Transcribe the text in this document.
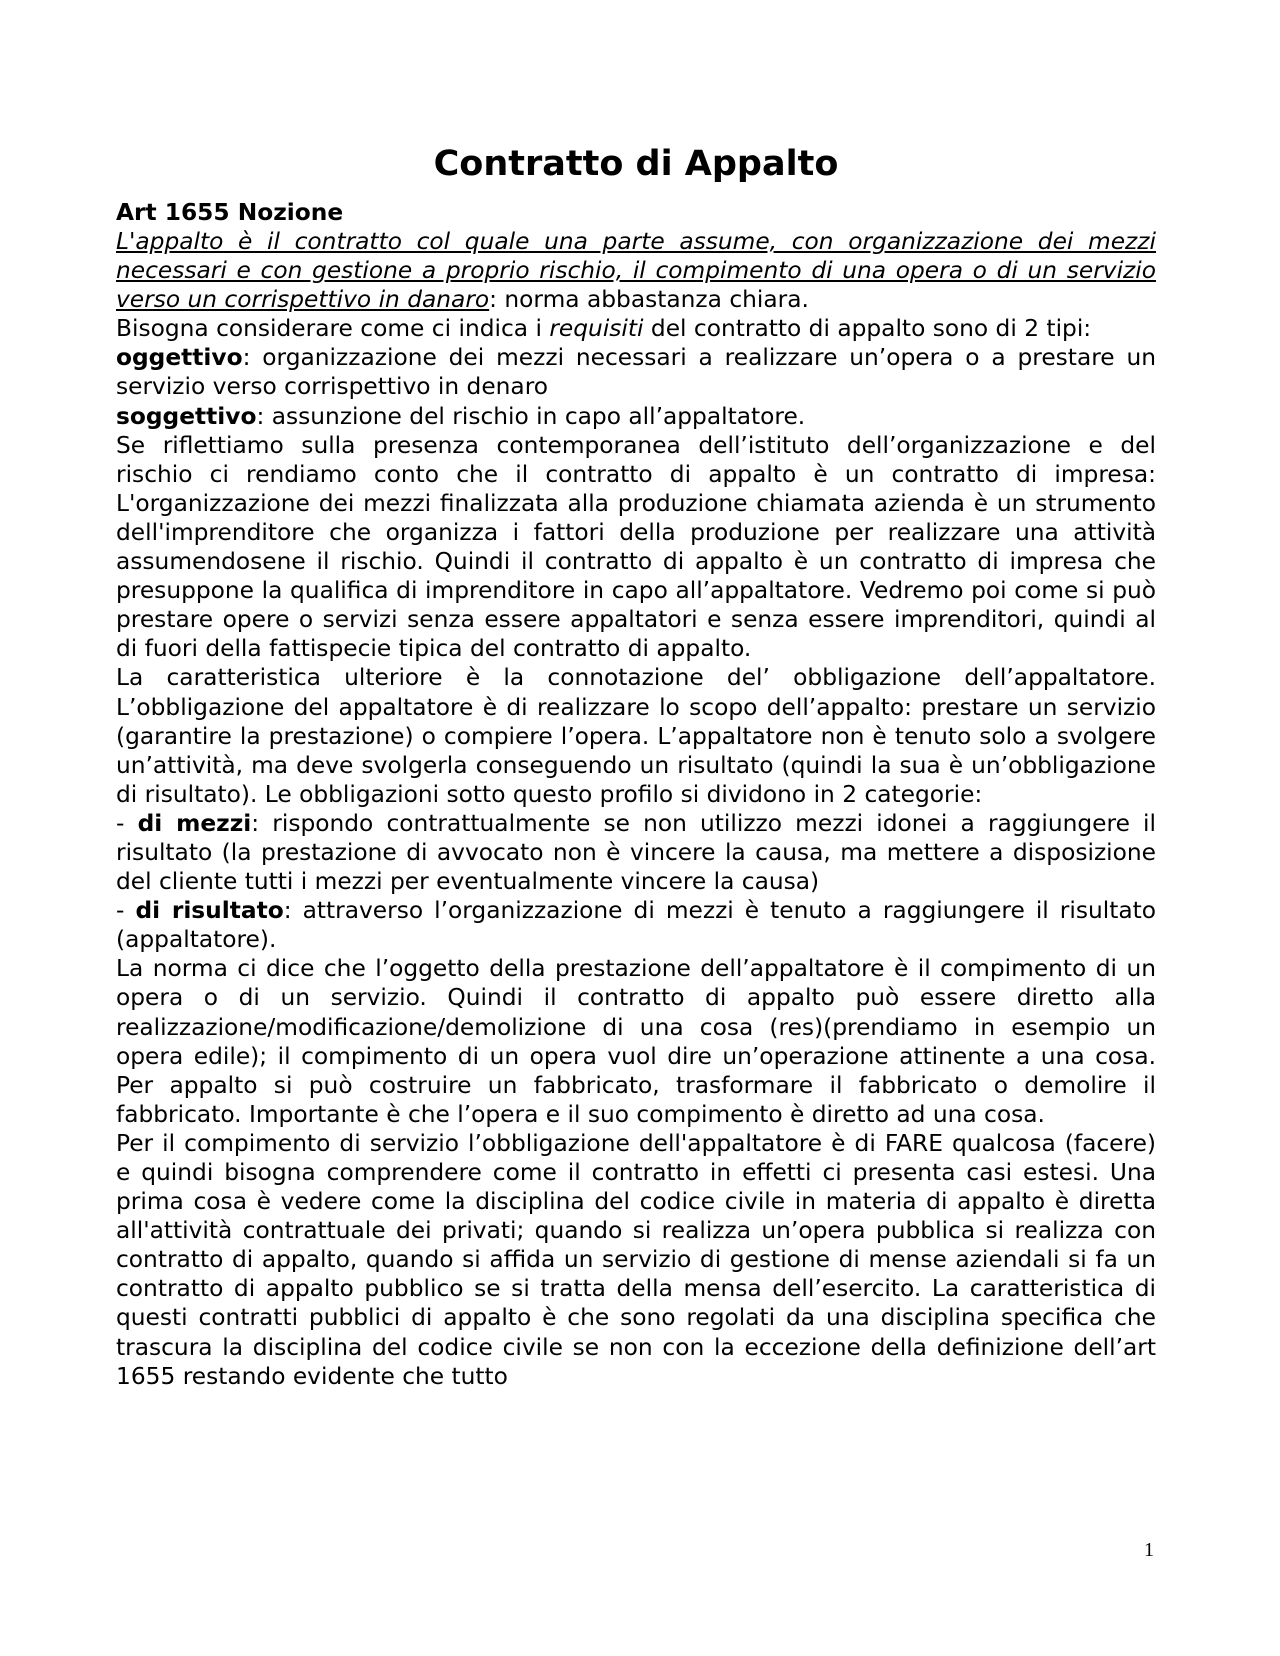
Contratto di Appalto
Art 1655 Nozione

L'appalto è il contratto col quale una parte assume, con organizzazione dei mezzi necessari e con gestione a proprio rischio, il compimento di una opera o di un servizio verso un corrispettivo in danaro: norma abbastanza chiara.

Bisogna considerare come ci indica i requisiti del contratto di appalto sono di 2 tipi:

oggettivo: organizzazione dei mezzi necessari a realizzare un’opera o a prestare un servizio verso corrispettivo in denaro

soggettivo: assunzione del rischio in capo all’appaltatore.

Se riflettiamo sulla presenza contemporanea dell’istituto dell’organizzazione e del rischio ci rendiamo conto che il contratto di appalto è un contratto di impresa: L'organizzazione dei mezzi finalizzata alla produzione chiamata azienda è un strumento dell'imprenditore che organizza i fattori della produzione per realizzare una attività assumendosene il rischio. Quindi il contratto di appalto è un contratto di impresa che presuppone la qualifica di imprenditore in capo all’appaltatore. Vedremo poi come si può prestare opere o servizi senza essere appaltatori e senza essere imprenditori, quindi al di fuori della fattispecie tipica del contratto di appalto.

La caratteristica ulteriore è la connotazione del’ obbligazione dell’appaltatore. L’obbligazione del appaltatore è di realizzare lo scopo dell’appalto: prestare un servizio (garantire la prestazione) o compiere l’opera. L’appaltatore non è tenuto solo a svolgere un’attività, ma deve svolgerla conseguendo un risultato (quindi la sua è un’obbligazione di risultato). Le obbligazioni sotto questo profilo si dividono in 2 categorie:

- di mezzi: rispondo contrattualmente se non utilizzo mezzi idonei a raggiungere il risultato (la prestazione di avvocato non è vincere la causa, ma mettere a disposizione del cliente tutti i mezzi per eventualmente vincere la causa)

- di risultato: attraverso l’organizzazione di mezzi è tenuto a raggiungere il risultato (appaltatore).

La norma ci dice che l’oggetto della prestazione dell’appaltatore è il compimento di un opera o di un servizio. Quindi il contratto di appalto può essere diretto alla realizzazione/modificazione/demolizione di una cosa (res)(prendiamo in esempio un opera edile); il compimento di un opera vuol dire un’operazione attinente a una cosa. Per appalto si può costruire un fabbricato, trasformare il fabbricato o demolire il fabbricato. Importante è che l’opera e il suo compimento è diretto ad una cosa.

Per il compimento di servizio l’obbligazione dell'appaltatore è di FARE qualcosa (facere) e quindi bisogna comprendere come il contratto in effetti ci presenta casi estesi. Una prima cosa è vedere come la disciplina del codice civile in materia di appalto è diretta all'attività contrattuale dei privati; quando si realizza un’opera pubblica si realizza con contratto di appalto, quando si affida un servizio di gestione di mense aziendali si fa un contratto di appalto pubblico se si tratta della mensa dell’esercito. La caratteristica di questi contratti pubblici di appalto è che sono regolati da una disciplina specifica che trascura la disciplina del codice civile se non con la eccezione della definizione dell’art 1655 restando evidente che tutto

1
